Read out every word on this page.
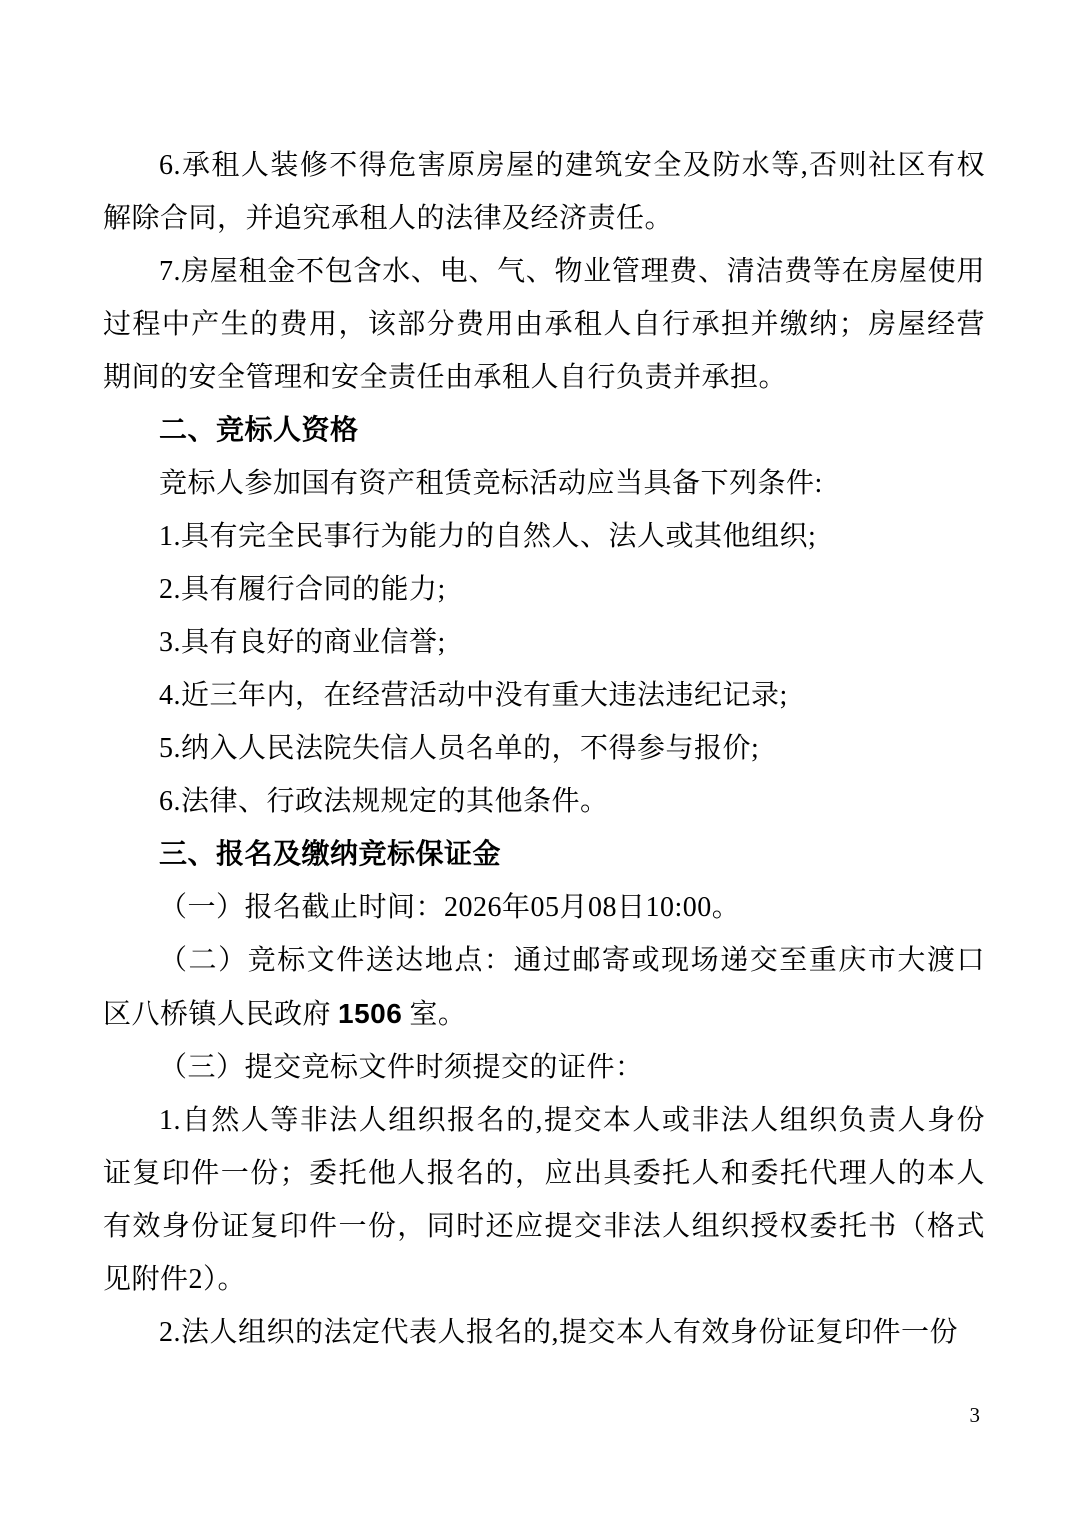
6.承租人装修不得危害原房屋的建筑安全及防水等,否则社区有权解除合同，并追究承租人的法律及经济责任。

7.房屋租金不包含水、电、气、物业管理费、清洁费等在房屋使用过程中产生的费用，该部分费用由承租人自行承担并缴纳；房屋经营期间的安全管理和安全责任由承租人自行负责并承担。

二、竞标人资格

竞标人参加国有资产租赁竞标活动应当具备下列条件:

1.具有完全民事行为能力的自然人、法人或其他组织;

2.具有履行合同的能力;

3.具有良好的商业信誉;

4.近三年内，在经营活动中没有重大违法违纪记录;

5.纳入人民法院失信人员名单的，不得参与报价;

6.法律、行政法规规定的其他条件。

三、报名及缴纳竞标保证金

（一）报名截止时间：2026年05月08日10:00。

（二）竞标文件送达地点：通过邮寄或现场递交至重庆市大渡口区八桥镇人民政府 1506 室。

（三）提交竞标文件时须提交的证件：

1.自然人等非法人组织报名的,提交本人或非法人组织负责人身份证复印件一份；委托他人报名的，应出具委托人和委托代理人的本人有效身份证复印件一份，同时还应提交非法人组织授权委托书（格式见附件2）。

2.法人组织的法定代表人报名的,提交本人有效身份证复印件一份

3
